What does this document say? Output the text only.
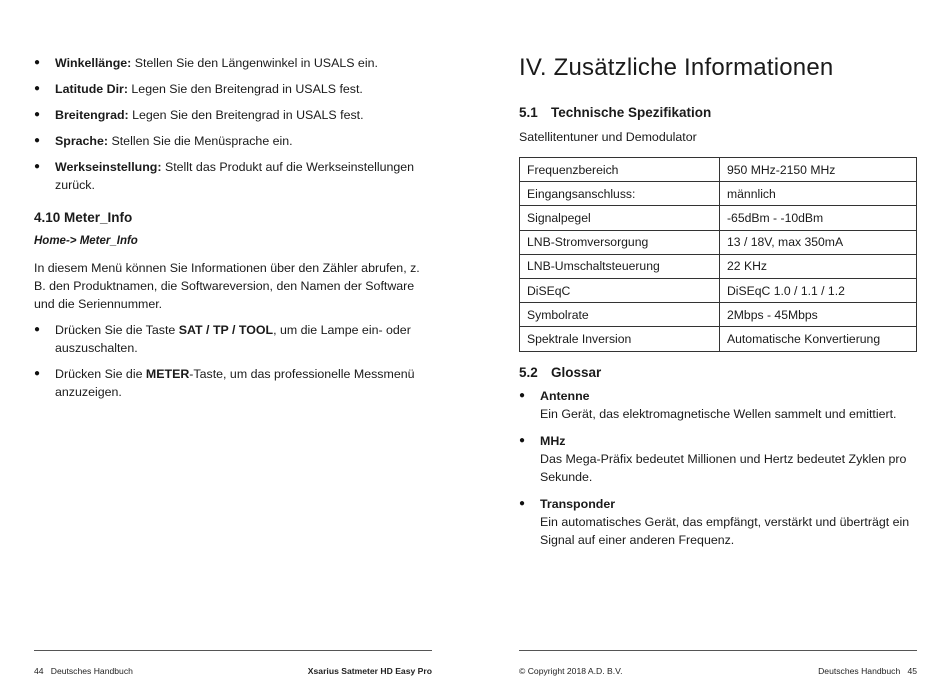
● Winkellänge: Stellen Sie den Längenwinkel in USALS ein.
● Latitude Dir: Legen Sie den Breitengrad in USALS fest.
● Breitengrad: Legen Sie den Breitengrad in USALS fest.
● Sprache: Stellen Sie die Menüsprache ein.
● Werkseinstellung: Stellt das Produkt auf die Werkseinstellungen zurück.
4.10 Meter_Info

Home-> Meter_Info

In diesem Menü können Sie Informationen über den Zähler abrufen, z. B. den Produktnamen, die Softwareversion, den Namen der Software und die Seriennummer.

● Drücken Sie die Taste SAT / TP / TOOL, um die Lampe ein- oder auszuschalten.
● Drücken Sie die METER-Taste, um das professionelle Messmenü anzuzeigen.
44 Deutsches Handbuch	Xsarius Satmeter HD Easy Pro
IV. Zusätzliche Informationen
5.1 Technische Spezifikation

Satellitentuner und Demodulator

Frequenzbereich	950 MHz-2150 MHz
Eingangsanschluss:	männlich
Signalpegel	-65dBm - -10dBm
LNB-Stromversorgung	13 / 18V, max 350mA
LNB-Umschaltsteuerung	22 KHz
DiSEqC	DiSEqC 1.0 / 1.1 / 1.2
Symbolrate	2Mbps - 45Mbps
Spektrale Inversion	Automatische Konvertierung
5.2 Glossar
● Antenne
Ein Gerät, das elektromagnetische Wellen sammelt und emittiert.
● MHz
Das Mega-Präfix bedeutet Millionen und Hertz bedeutet Zyklen pro Sekunde.
● Transponder
Ein automatisches Gerät, das empfängt, verstärkt und überträgt ein Signal auf einer anderen Frequenz.
© Copyright 2018 A.D. B.V.	Deutsches Handbuch 45
